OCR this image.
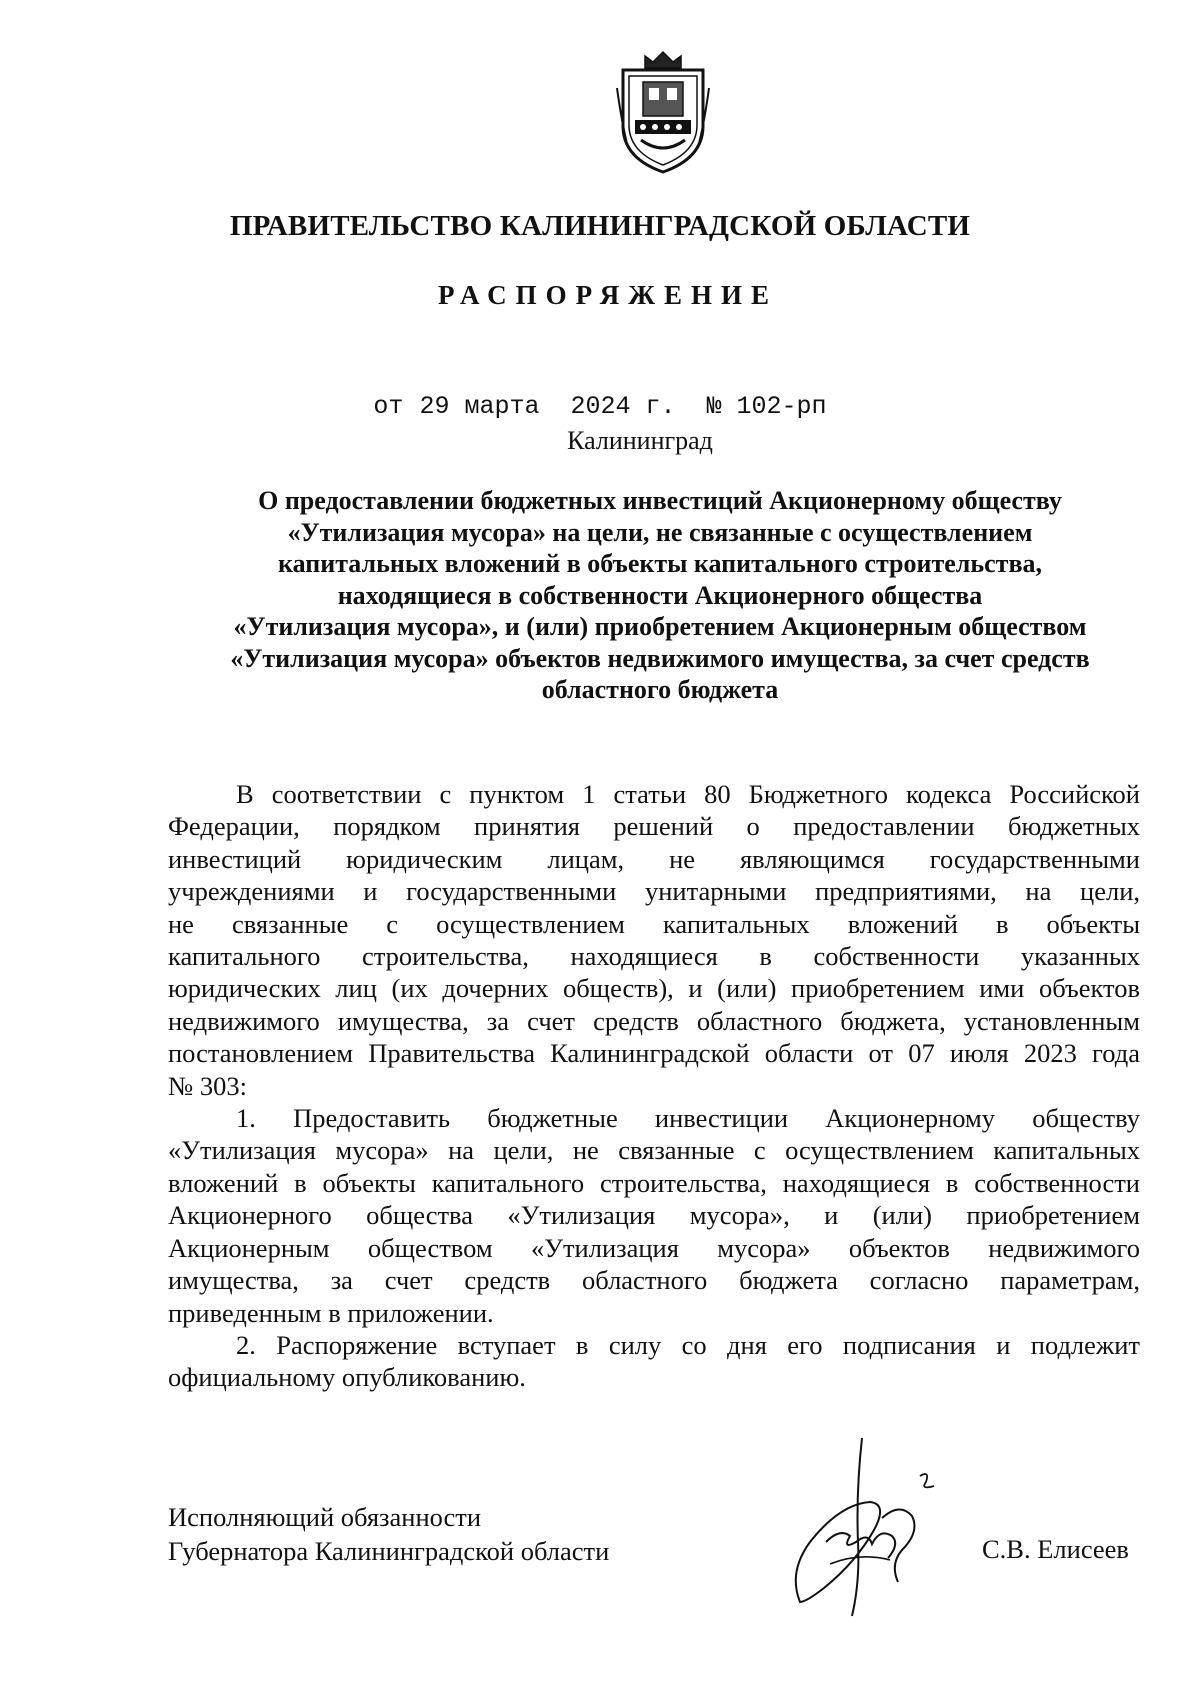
ПРАВИТЕЛЬСТВО КАЛИНИНГРАДСКОЙ ОБЛАСТИ
РАСПОРЯЖЕНИЕ
от 29 марта 2024 г. № 102-рп
Калининград
О предоставлении бюджетных инвестиций Акционерному обществу
«Утилизация мусора» на цели, не связанные с осуществлением
капитальных вложений в объекты капитального строительства,
находящиеся в собственности Акционерного общества
«Утилизация мусора», и (или) приобретением Акционерным обществом
«Утилизация мусора» объектов недвижимого имущества, за счет средств
областного бюджета
В соответствии с пунктом 1 статьи 80 Бюджетного кодекса Российской
Федерации, порядком принятия решений о предоставлении бюджетных
инвестиций юридическим лицам, не являющимся государственными
учреждениями и государственными унитарными предприятиями, на цели,
не связанные с осуществлением капитальных вложений в объекты
капитального строительства, находящиеся в собственности указанных
юридических лиц (их дочерних обществ), и (или) приобретением ими объектов
недвижимого имущества, за счет средств областного бюджета, установленным
постановлением Правительства Калининградской области от 07 июля 2023 года
№ 303:
1. Предоставить бюджетные инвестиции Акционерному обществу
«Утилизация мусора» на цели, не связанные с осуществлением капитальных
вложений в объекты капитального строительства, находящиеся в собственности
Акционерного общества «Утилизация мусора», и (или) приобретением
Акционерным обществом «Утилизация мусора» объектов недвижимого
имущества, за счет средств областного бюджета согласно параметрам,
приведенным в приложении.
2. Распоряжение вступает в силу со дня его подписания и подлежит
официальному опубликованию.
Исполняющий обязанности
Губернатора Калининградской области	С.В. Елисеев
